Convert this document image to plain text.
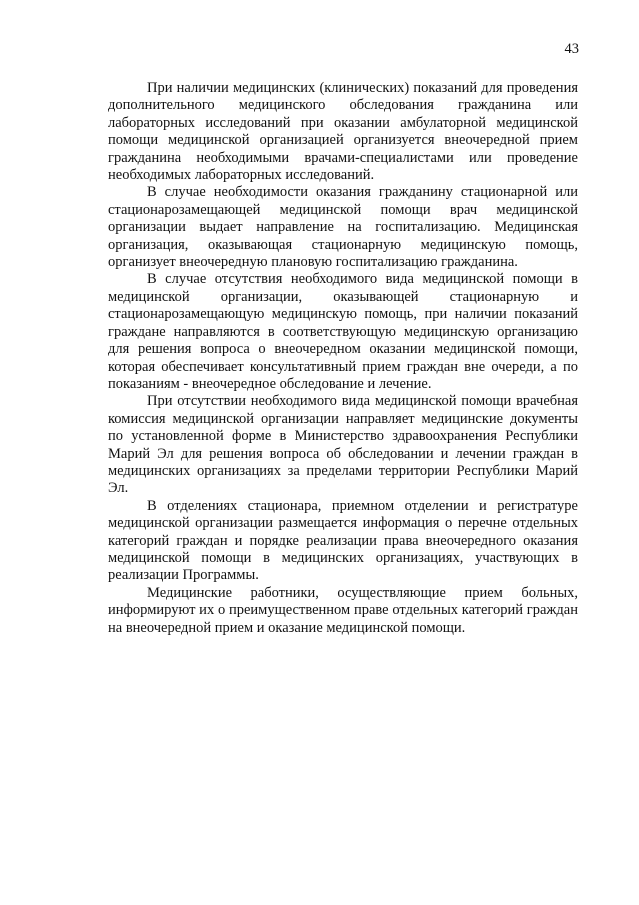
43

При наличии медицинских (клинических) показаний для проведения дополнительного медицинского обследования гражданина или лабораторных исследований при оказании амбулаторной медицинской помощи медицинской организацией организуется внеочередной прием гражданина необходимыми врачами-специалистами или проведение необходимых лабораторных исследований.

В случае необходимости оказания гражданину стационарной или стационарозамещающей медицинской помощи врач медицинской организации выдает направление на госпитализацию. Медицинская организация, оказывающая стационарную медицинскую помощь, организует внеочередную плановую госпитализацию гражданина.

В случае отсутствия необходимого вида медицинской помощи в медицинской организации, оказывающей стационарную и стационарозамещающую медицинскую помощь, при наличии показаний граждане направляются в соответствующую медицинскую организацию для решения вопроса о внеочередном оказании медицинской помощи, которая обеспечивает консультативный прием граждан вне очереди, а по показаниям - внеочередное обследование и лечение.

При отсутствии необходимого вида медицинской помощи врачебная комиссия медицинской организации направляет медицинские документы по установленной форме в Министерство здравоохранения Республики Марий Эл для решения вопроса об обследовании и лечении граждан в медицинских организациях за пределами территории Республики Марий Эл.

В отделениях стационара, приемном отделении и регистратуре медицинской организации размещается информация о перечне отдельных категорий граждан и порядке реализации права внеочередного оказания медицинской помощи в медицинских организациях, участвующих в реализации Программы.

Медицинские работники, осуществляющие прием больных, информируют их о преимущественном праве отдельных категорий граждан на внеочередной прием и оказание медицинской помощи.
